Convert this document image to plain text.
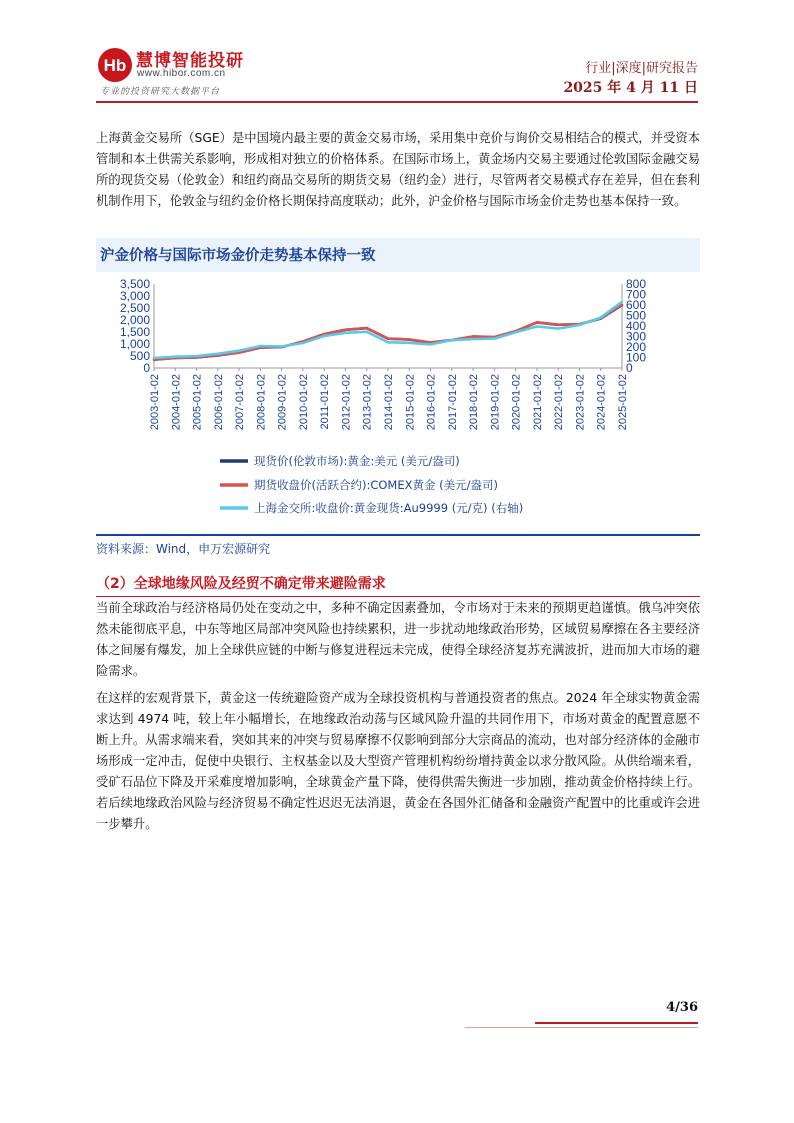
Hb 慧博智能投研
www.hibor.com.cn
专业的投资研究大数据平台
行业|深度|研究报告
2025 年 4 月 11 日

上海黄金交易所（SGE）是中国境内最主要的黄金交易市场，采用集中竞价与询价交易相结合的模式，并受资本管制和本土供需关系影响，形成相对独立的价格体系。在国际市场上，黄金场内交易主要通过伦敦国际金融交易所的现货交易（伦敦金）和纽约商品交易所的期货交易（纽约金）进行，尽管两者交易模式存在差异，但在套利机制作用下，伦敦金与纽约金价格长期保持高度联动；此外，沪金价格与国际市场金价走势也基本保持一致。

沪金价格与国际市场金价走势基本保持一致
0
500
1,000
1,500
2,000
2,500
3,000
3,500
0
100
200
300
400
500
600
700
800
2003-01-02 2004-01-02 2005-01-02 2006-01-02 2007-01-02 2008-01-02 2009-01-02 2010-01-02 2011-01-02 2012-01-02 2013-01-02 2014-01-02 2015-01-02 2016-01-02 2017-01-02 2018-01-02 2019-01-02 2020-01-02 2021-01-02 2022-01-02 2023-01-02 2024-01-02 2025-01-02
现货价(伦敦市场):黄金:美元 (美元/盎司)
期货收盘价(活跃合约):COMEX黄金 (美元/盎司)
上海金交所:收盘价:黄金现货:Au9999 (元/克) (右轴)
资料来源：Wind，申万宏源研究
（2）全球地缘风险及经贸不确定带来避险需求

当前全球政治与经济格局仍处在变动之中，多种不确定因素叠加，令市场对于未来的预期更趋谨慎。俄乌冲突依然未能彻底平息，中东等地区局部冲突风险也持续累积，进一步扰动地缘政治形势，区域贸易摩擦在各主要经济体之间屡有爆发，加上全球供应链的中断与修复进程远未完成，使得全球经济复苏充满波折，进而加大市场的避险需求。

在这样的宏观背景下，黄金这一传统避险资产成为全球投资机构与普通投资者的焦点。2024 年全球实物黄金需求达到 4974 吨，较上年小幅增长，在地缘政治动荡与区域风险升温的共同作用下，市场对黄金的配置意愿不断上升。从需求端来看，突如其来的冲突与贸易摩擦不仅影响到部分大宗商品的流动，也对部分经济体的金融市场形成一定冲击，促使中央银行、主权基金以及大型资产管理机构纷纷增持黄金以求分散风险。从供给端来看，受矿石品位下降及开采难度增加影响，全球黄金产量下降，使得供需失衡进一步加剧，推动黄金价格持续上行。若后续地缘政治风险与经济贸易不确定性迟迟无法消退，黄金在各国外汇储备和金融资产配置中的比重或许会进一步攀升。

4/36
